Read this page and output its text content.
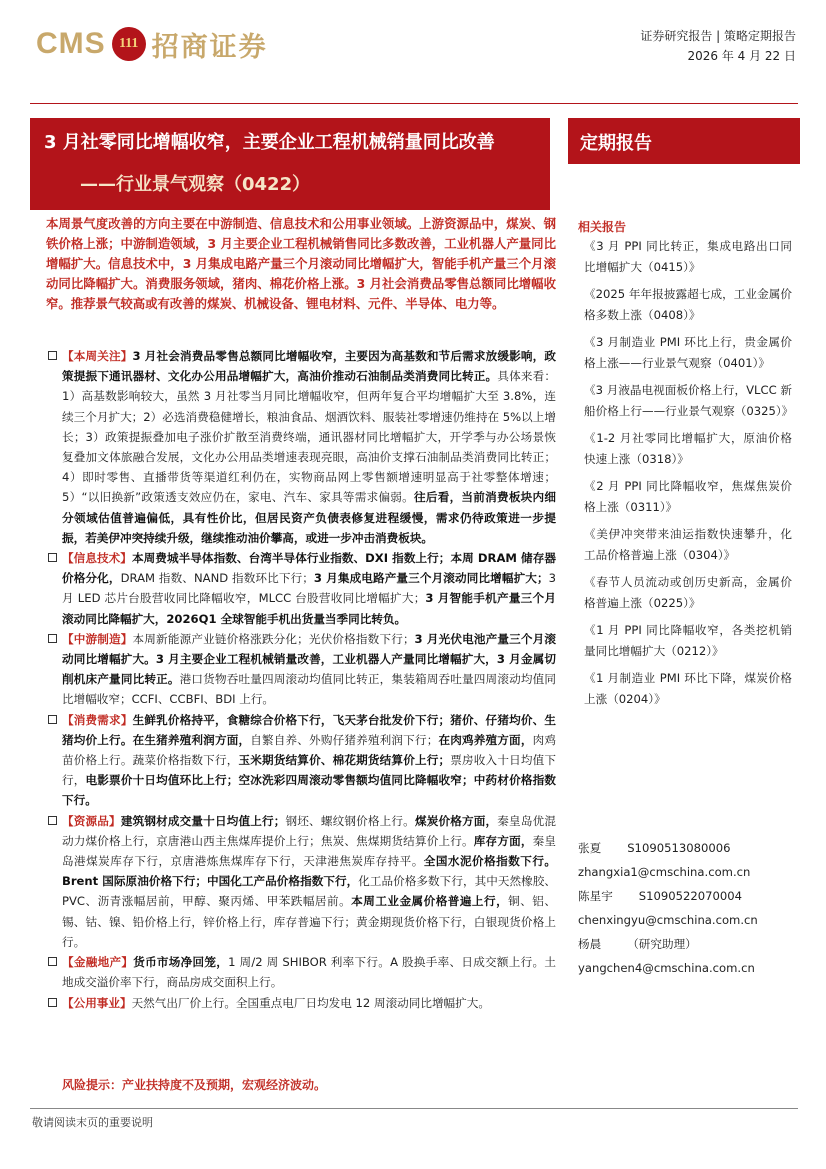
CMS 111 招商证券	证券研究报告 | 策略定期报告
2026 年 4 月 22 日
3 月社零同比增幅收窄，主要企业工程机械销量同比改善
——行业景气观察（0422）
定期报告
本周景气度改善的方向主要在中游制造、信息技术和公用事业领域。上游资源品中，煤炭、钢铁价格上涨；中游制造领域，3 月主要企业工程机械销售同比多数改善，工业机器人产量同比增幅扩大。信息技术中，3 月集成电路产量三个月滚动同比增幅扩大，智能手机产量三个月滚动同比降幅扩大。消费服务领域，猪肉、棉花价格上涨。3 月社会消费品零售总额同比增幅收窄。推荐景气较高或有改善的煤炭、机械设备、锂电材料、元件、半导体、电力等。
【本周关注】3 月社会消费品零售总额同比增幅收窄，主要因为高基数和节后需求放缓影响，政策提振下通讯器材、文化办公用品增幅扩大，高油价推动石油制品类消费同比转正。具体来看：1）高基数影响较大，虽然 3 月社零当月同比增幅收窄，但两年复合平均增幅扩大至 3.8%，连续三个月扩大；2）必选消费稳健增长，粮油食品、烟酒饮料、服装社零增速仍维持在 5%以上增长；3）政策提振叠加电子涨价扩散至消费终端，通讯器材同比增幅扩大，开学季与办公场景恢复叠加文体旅融合发展，文化办公用品类增速表现亮眼，高油价支撑石油制品类消费同比转正；4）即时零售、直播带货等渠道红利仍在，实物商品网上零售额增速明显高于社零整体增速；5）“以旧换新”政策透支效应仍在，家电、汽车、家具等需求偏弱。往后看，当前消费板块内细分领域估值普遍偏低，具有性价比，但居民资产负债表修复进程缓慢，需求仍待政策进一步提振，若美伊冲突持续升级，继续推动油价攀高，或进一步冲击消费板块。
【信息技术】本周费城半导体指数、台湾半导体行业指数、DXI 指数上行；本周 DRAM 储存器价格分化，DRAM 指数、NAND 指数环比下行；3 月集成电路产量三个月滚动同比增幅扩大；3 月 LED 芯片台股营收同比降幅收窄，MLCC 台股营收同比增幅扩大；3 月智能手机产量三个月滚动同比降幅扩大，2026Q1 全球智能手机出货量当季同比转负。
【中游制造】本周新能源产业链价格涨跌分化；光伏价格指数下行；3 月光伏电池产量三个月滚动同比增幅扩大。3 月主要企业工程机械销量改善，工业机器人产量同比增幅扩大，3 月金属切削机床产量同比转正。港口货物吞吐量四周滚动均值同比转正，集装箱周吞吐量四周滚动均值同比增幅收窄；CCFI、CCBFI、BDI 上行。
【消费需求】生鲜乳价格持平，食糖综合价格下行，飞天茅台批发价下行；猪价、仔猪均价、生猪均价上行。在生猪养殖利润方面，自繁自养、外购仔猪养殖利润下行；在肉鸡养殖方面，肉鸡苗价格上行。蔬菜价格指数下行，玉米期货结算价、棉花期货结算价上行；票房收入十日均值下行，电影票价十日均值环比上行；空冰洗彩四周滚动零售额均值同比降幅收窄；中药材价格指数下行。
【资源品】建筑钢材成交量十日均值上行；钢坯、螺纹钢价格上行。煤炭价格方面，秦皇岛优混动力煤价格上行，京唐港山西主焦煤库提价上行；焦炭、焦煤期货结算价上行。库存方面，秦皇岛港煤炭库存下行，京唐港炼焦煤库存下行，天津港焦炭库存持平。全国水泥价格指数下行。Brent 国际原油价格下行；中国化工产品价格指数下行，化工品价格多数下行，其中天然橡胶、PVC、沥青涨幅居前，甲醇、聚丙烯、甲苯跌幅居前。本周工业金属价格普遍上行，铜、铝、锡、钴、镍、铅价格上行，锌价格上行，库存普遍下行；黄金期现货价格下行，白银现货价格上行。
【金融地产】货币市场净回笼，1 周/2 周 SHIBOR 利率下行。A 股换手率、日成交额上行。土地成交溢价率下行，商品房成交面积上行。
【公用事业】天然气出厂价上行。全国重点电厂日均发电 12 周滚动同比增幅扩大。
风险提示：产业扶持度不及预期，宏观经济波动。
相关报告
《3 月 PPI 同比转正，集成电路出口同比增幅扩大（0415）》
《2025 年年报披露超七成，工业金属价格多数上涨（0408）》
《3 月制造业 PMI 环比上行，贵金属价格上涨——行业景气观察（0401）》
《3 月液晶电视面板价格上行，VLCC 新船价格上行——行业景气观察（0325）》
《1-2 月社零同比增幅扩大，原油价格快速上涨（0318）》
《2 月 PPI 同比降幅收窄，焦煤焦炭价格上涨（0311）》
《美伊冲突带来油运指数快速攀升，化工品价格普遍上涨（0304）》
《春节人员流动或创历史新高，金属价格普遍上涨（0225）》
《1 月 PPI 同比降幅收窄，各类挖机销量同比增幅扩大（0212）》
《1 月制造业 PMI 环比下降，煤炭价格上涨（0204）》
张夏 S1090513080006
zhangxia1@cmschina.com.cn
陈星宇 S1090522070004
chenxingyu@cmschina.com.cn
杨晨 （研究助理）
yangchen4@cmschina.com.cn
敬请阅读末页的重要说明
